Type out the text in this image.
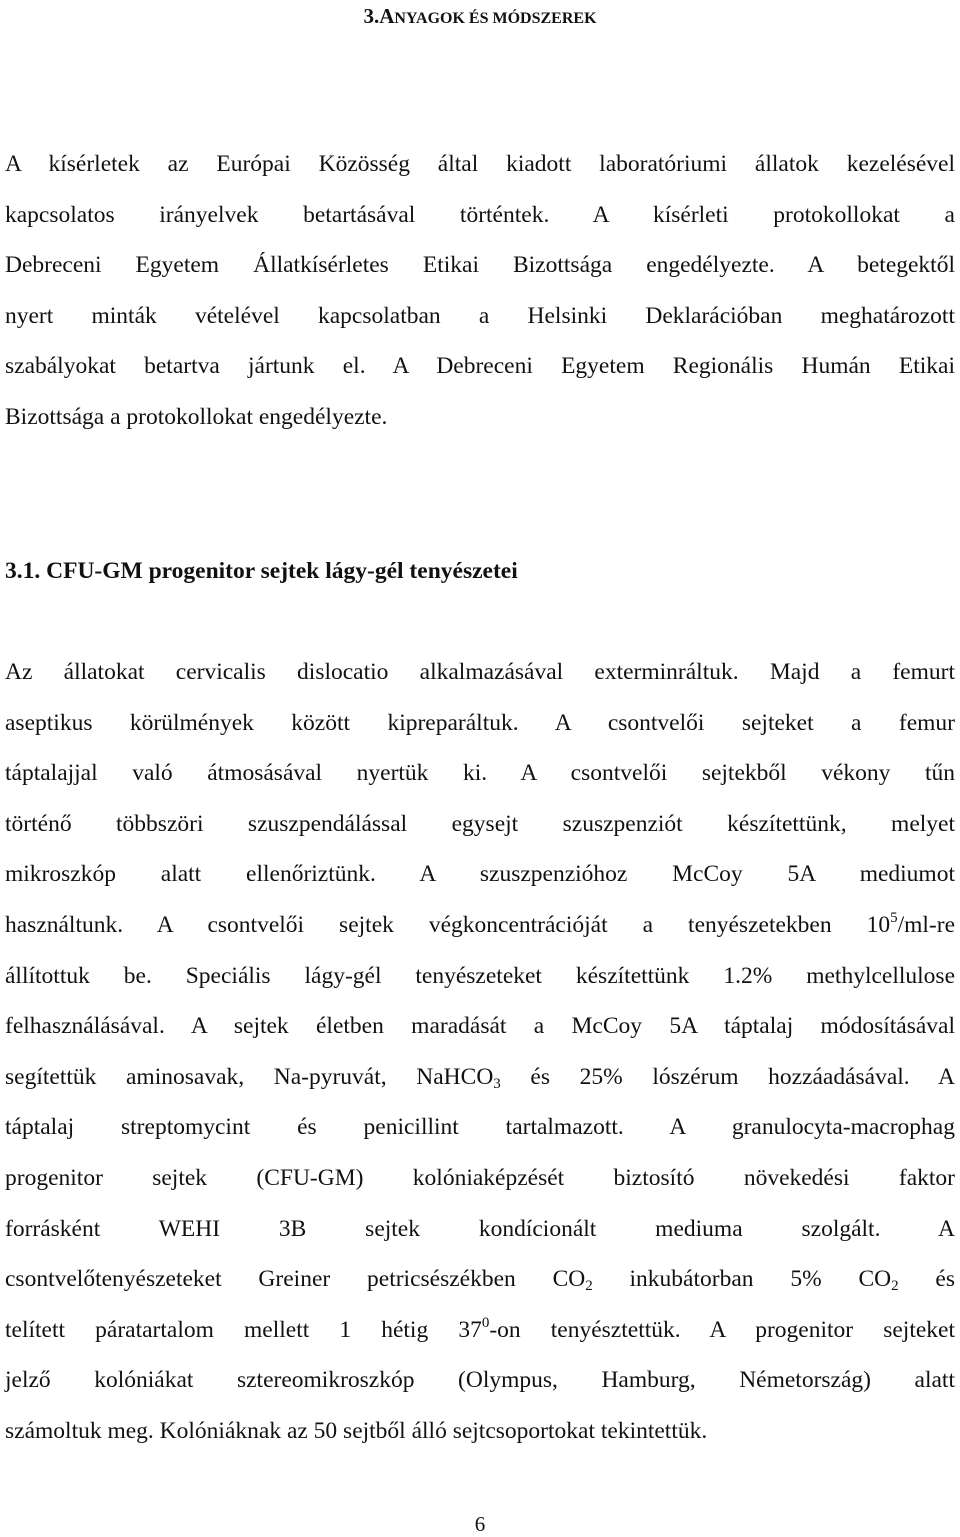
3.ANYAGOK ÉS MÓDSZEREK

A kísérletek az Európai Közösség által kiadott laboratóriumi állatok kezelésével
kapcsolatos irányelvek betartásával történtek. A kísérleti protokollokat a
Debreceni Egyetem Állatkísérletes Etikai Bizottsága engedélyezte. A betegektől
nyert minták vételével kapcsolatban a Helsinki Deklarációban meghatározott
szabályokat betartva jártunk el. A Debreceni Egyetem Regionális Humán Etikai
Bizottsága a protokollokat engedélyezte.

3.1. CFU-GM progenitor sejtek lágy-gél tenyészetei

Az állatokat cervicalis dislocatio alkalmazásával exterminráltuk. Majd a femurt
aseptikus körülmények között kipreparáltuk. A csontvelői sejteket a femur
táptalajjal való átmosásával nyertük ki. A csontvelői sejtekből vékony tűn
történő többszöri szuszpendálással egysejt szuszpenziót készítettünk, melyet
mikroszkóp alatt ellenőriztünk. A szuszpenzióhoz McCoy 5A mediumot
használtunk. A csontvelői sejtek végkoncentrációját a tenyészetekben $10^5/ml-re$
állítottuk be. Speciális lágy-gél tenyészeteket készítettünk 1.2% methylcellulose
felhasználásával. A sejtek életben maradását a McCoy 5A táptalaj módosításával
segítettük aminosavak, Na-pyruvát, NaHCO$_3$ és 25% lószérum hozzáadásával. A
táptalaj streptomycint és penicillint tartalmazott. A granulocyta-macrophag
progenitor sejtek (CFU-GM) kolóniaképzését biztosító növekedési faktor
forrásként WEHI 3B sejtek kondícionált mediuma szolgált. A
csontvelőtenyészeteket Greiner petricsészékben $CO_2$ inkubátorban 5% $CO_2$ és
telített páratartalom mellett 1 hétig $37^0-on$ tenyésztettük. A progenitor sejteket
jelző kolóniákat sztereomikroszkóp (Olympus, Hamburg, Németország) alatt
számoltuk meg. Kolóniáknak az 50 sejtből álló sejtcsoportokat tekintettük.

6
